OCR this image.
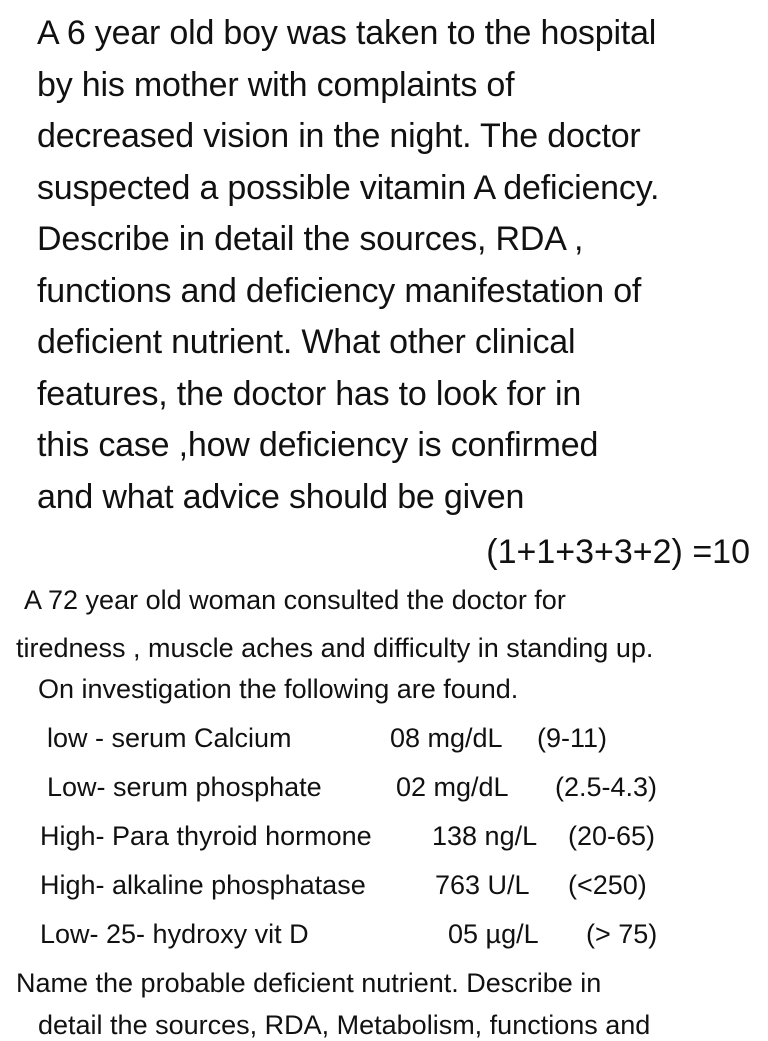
A 6 year old boy was taken to the hospital
by his mother with complaints of
decreased vision in the night. The doctor
suspected a possible vitamin A deficiency.
Describe in detail the sources, RDA ,
functions and deficiency manifestation of
deficient nutrient. What other clinical
features, the doctor has to look for in
this case ,how deficiency is confirmed
and what advice should be given
(1+1+3+3+2) =10
A 72 year old woman consulted the doctor for
tiredness , muscle aches and difficulty in standing up.
On investigation the following are found.
low - serum Calcium	08 mg/dL (9-11)
Low- serum phosphate	02 mg/dL (2.5-4.3)
High- Para thyroid hormone 138 ng/L (20-65)
High- alkaline phosphatase	763 U/L (<250)
Low- 25- hydroxy vit D	05 µg/L (> 75)
Name the probable deficient nutrient. Describe in
detail the sources, RDA, Metabolism, functions and
